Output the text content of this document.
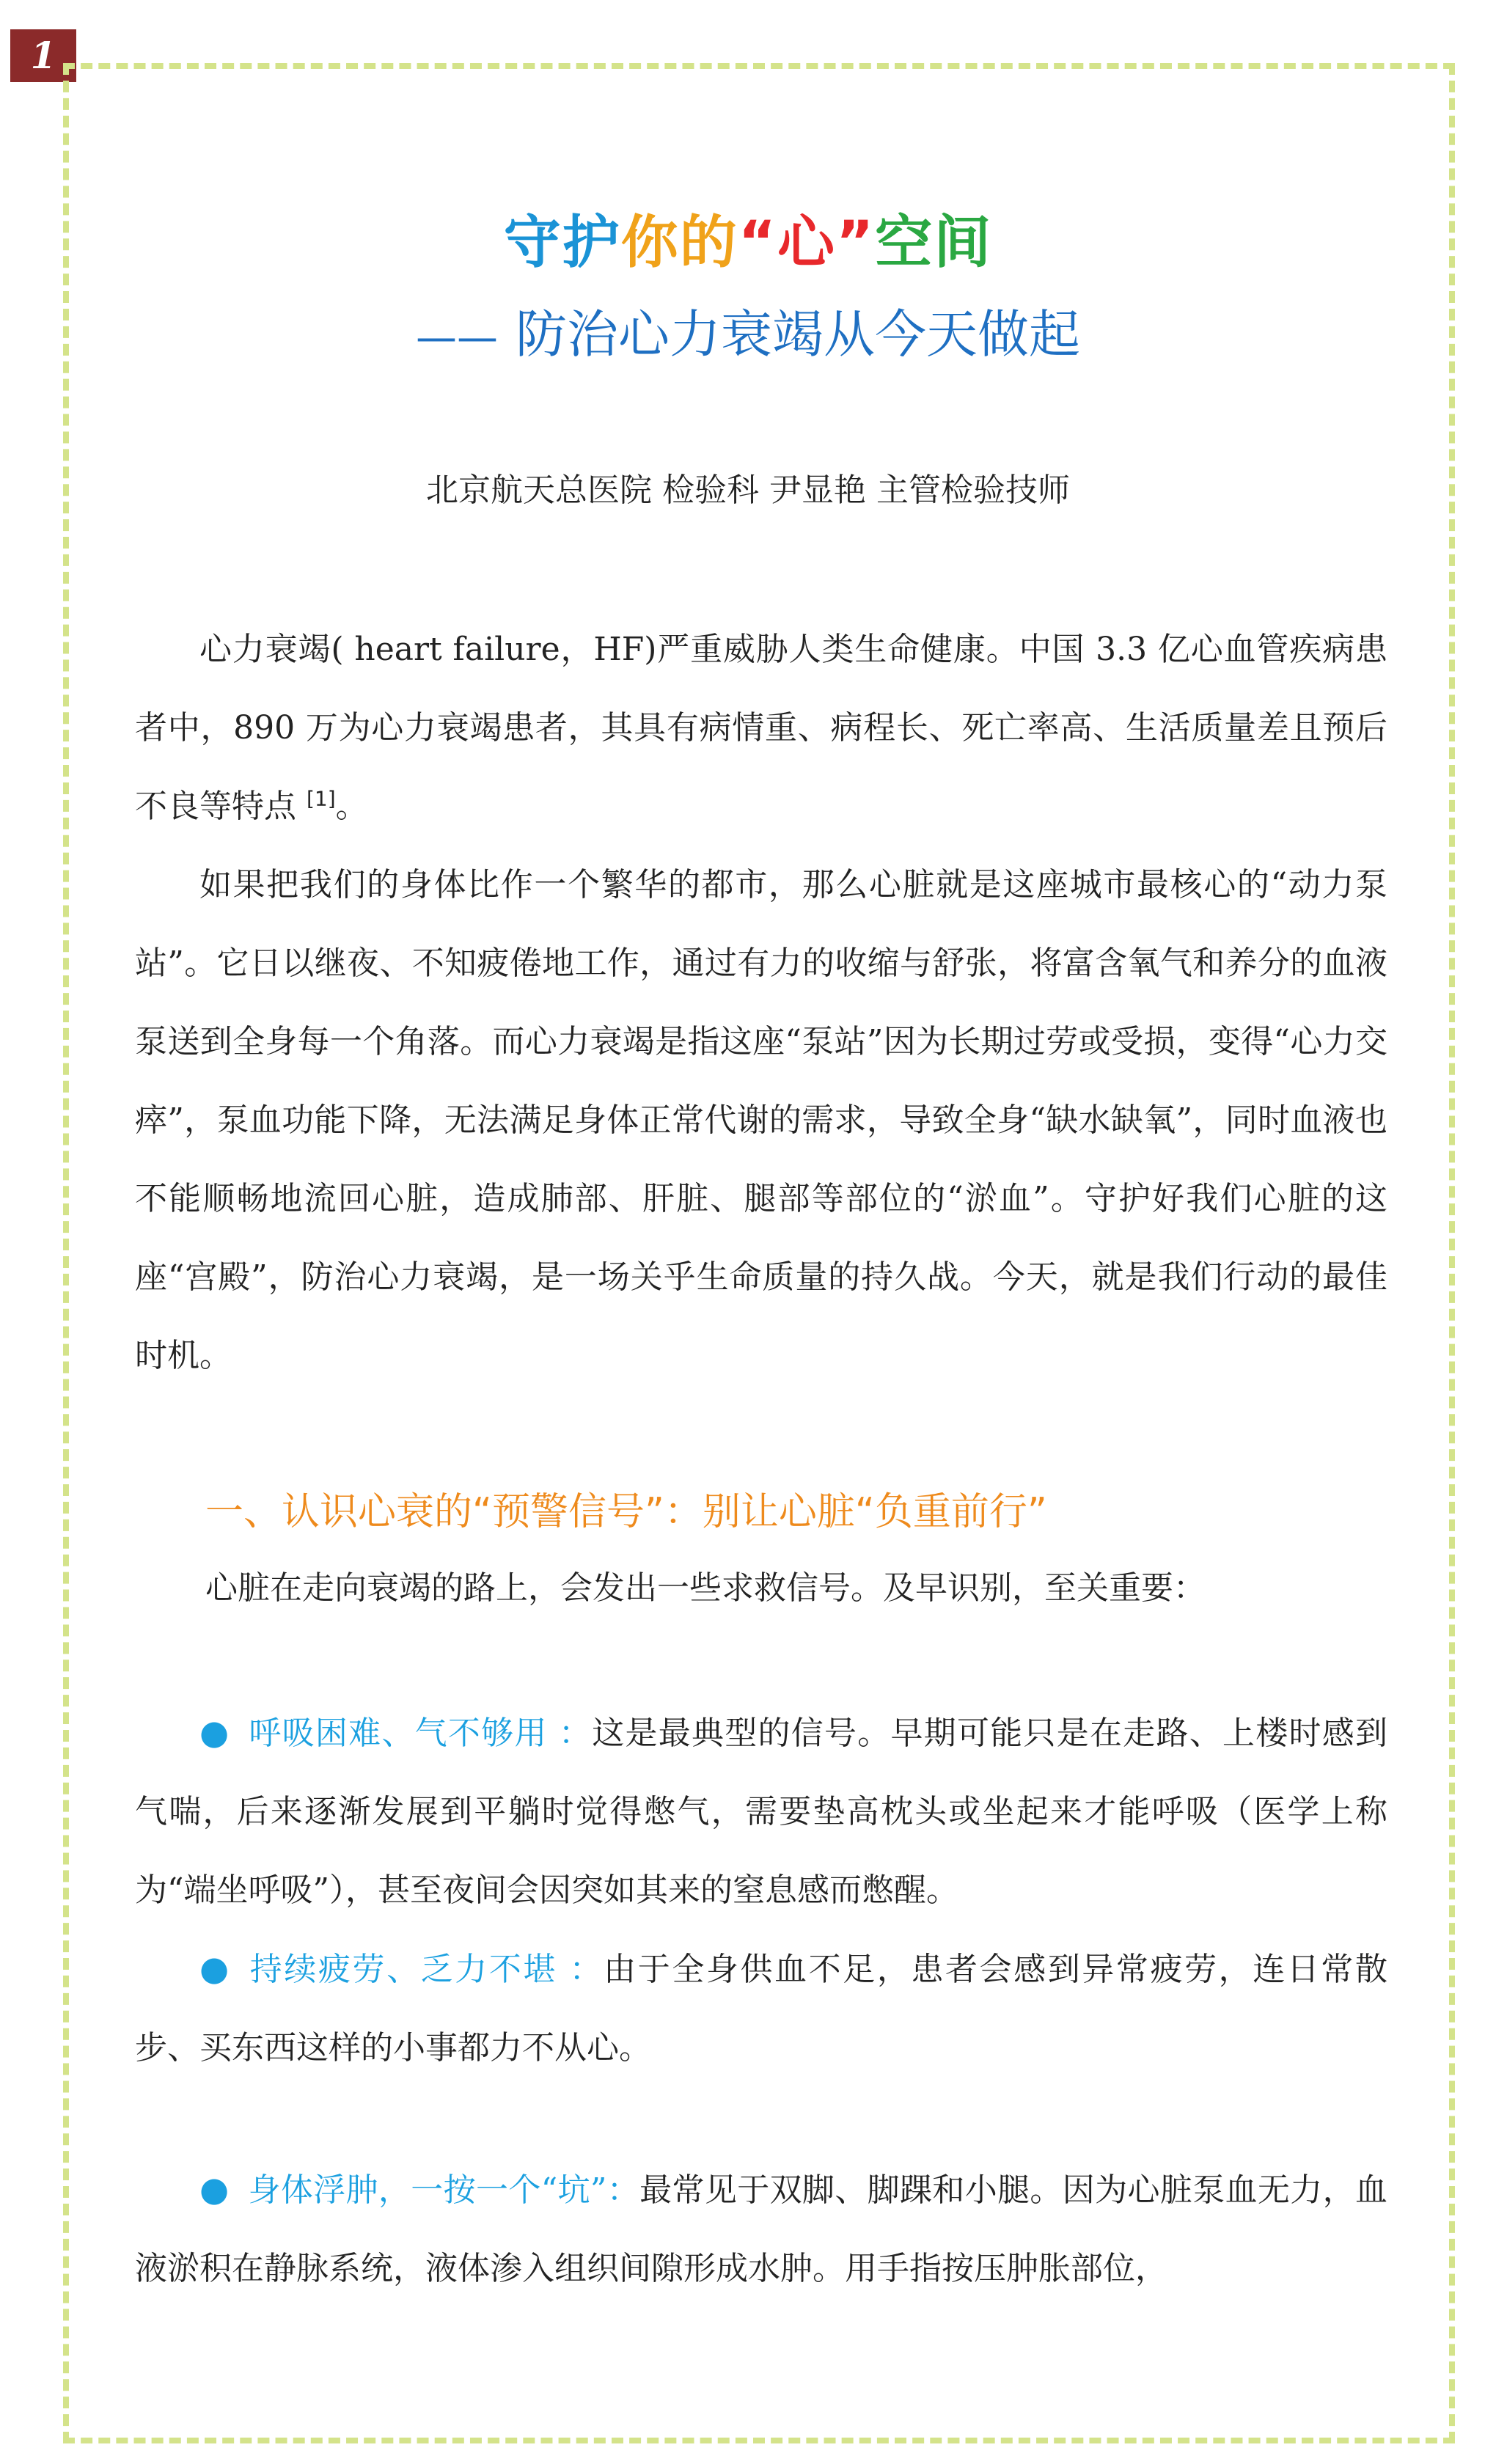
1
守护你的“心”空间
—— 防治心力衰竭从今天做起
北京航天总医院 检验科 尹显艳 主管检验技师

心力衰竭( heart failure，HF)严重威胁人类生命健康。中国 3.3 亿心血管疾病患者中，890 万为心力衰竭患者，其具有病情重、病程长、死亡率高、生活质量差且预后不良等特点 [1]。

如果把我们的身体比作一个繁华的都市，那么心脏就是这座城市最核心的“动力泵站”。它日以继夜、不知疲倦地工作，通过有力的收缩与舒张，将富含氧气和养分的血液泵送到全身每一个角落。而心力衰竭是指这座“泵站”因为长期过劳或受损，变得“心力交瘁”，泵血功能下降，无法满足身体正常代谢的需求，导致全身“缺水缺氧”，同时血液也不能顺畅地流回心脏，造成肺部、肝脏、腿部等部位的“淤血”。守护好我们心脏的这座“宫殿”，防治心力衰竭，是一场关乎生命质量的持久战。今天，就是我们行动的最佳时机。

一、认识心衰的“预警信号”：别让心脏“负重前行”

心脏在走向衰竭的路上，会发出一些求救信号。及早识别，至关重要：

● 呼吸困难、气不够用 ：这是最典型的信号。早期可能只是在走路、上楼时感到气喘，后来逐渐发展到平躺时觉得憋气，需要垫高枕头或坐起来才能呼吸（医学上称为“端坐呼吸”），甚至夜间会因突如其来的窒息感而憋醒。

● 持续疲劳、乏力不堪 ：由于全身供血不足，患者会感到异常疲劳，连日常散步、买东西这样的小事都力不从心。

● 身体浮肿，一按一个“坑”：最常见于双脚、脚踝和小腿。因为心脏泵血无力，血液淤积在静脉系统，液体渗入组织间隙形成水肿。用手指按压肿胀部位，
